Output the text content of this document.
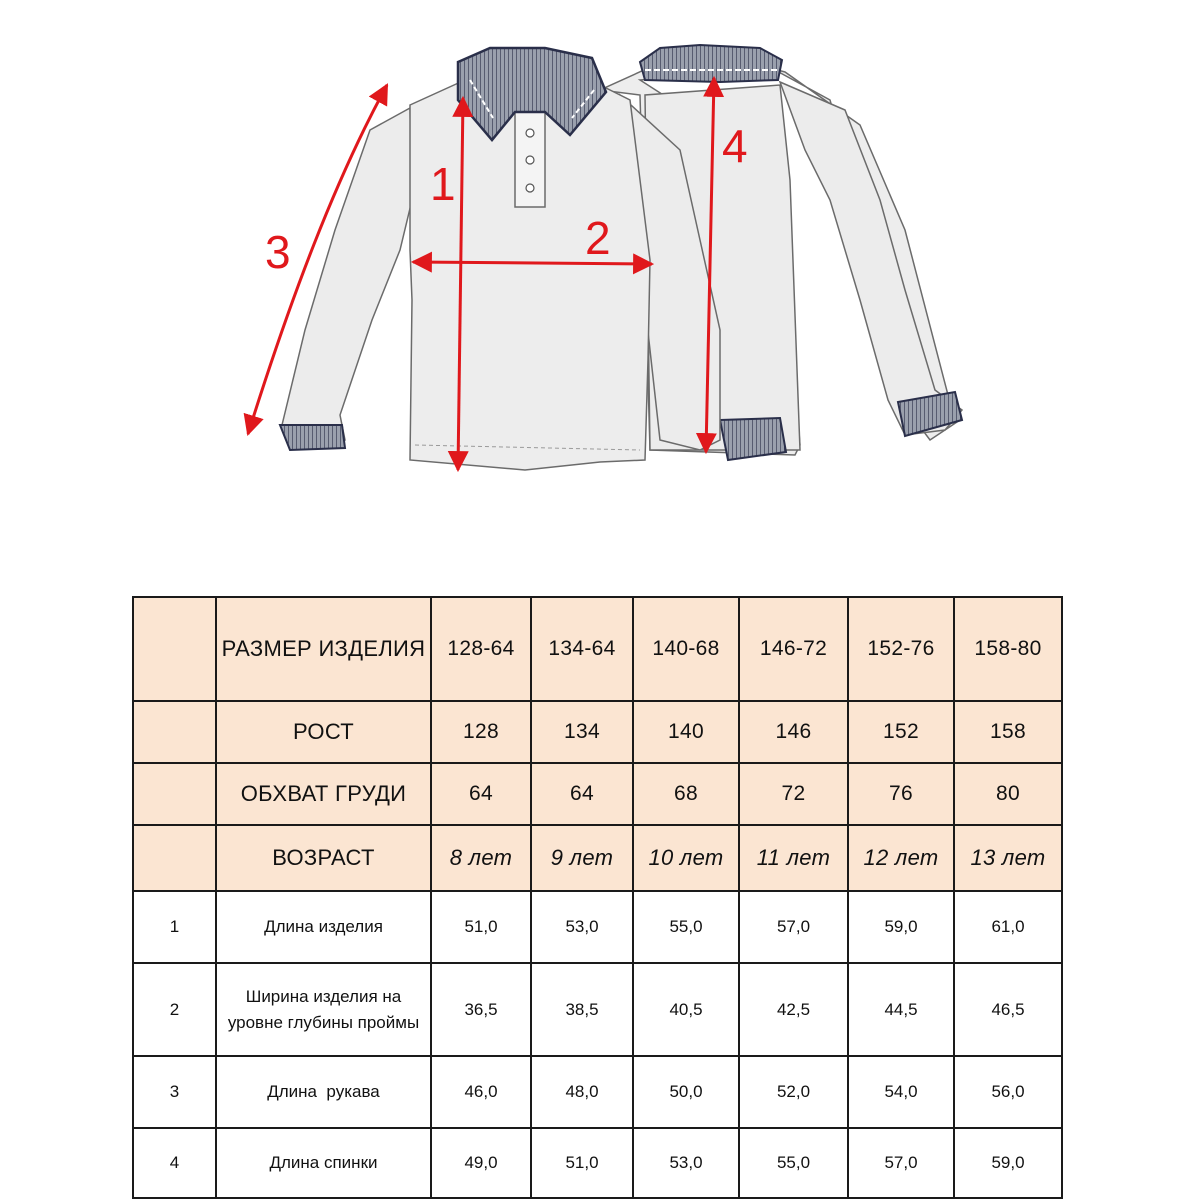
1
2
3
4
	РАЗМЕР ИЗДЕЛИЯ	128-64	134-64	140-68	146-72	152-76	158-80
	РОСТ	128	134	140	146	152	158
	ОБХВАТ ГРУДИ	64	64	68	72	76	80
	ВОЗРАСТ	8 лет	9 лет	10 лет	11 лет	12 лет	13 лет
1	Длина изделия	51,0	53,0	55,0	57,0	59,0	61,0
2	Ширина изделия на уровне глубины проймы	36,5	38,5	40,5	42,5	44,5	46,5
3	Длина  рукава	46,0	48,0	50,0	52,0	54,0	56,0
4	Длина спинки	49,0	51,0	53,0	55,0	57,0	59,0
